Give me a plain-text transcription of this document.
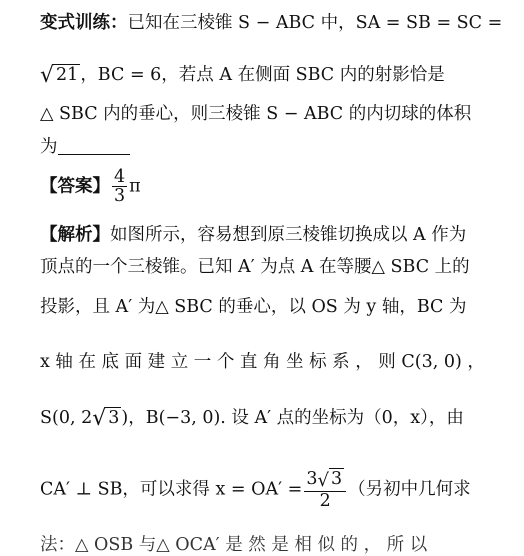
变式训练：已知在三棱锥 S − ABC 中，SA = SB = SC =
√ 21 ，BC = 6，若点 A 在侧面 SBC 内的射影恰是
△ SBC 内的垂心，则三棱锥 S − ABC 的内切球的体积
为
【答案】 $\frac{4}{3}$ π
【解析】如图所示，容易想到原三棱锥切换成以 A 作为
顶点的一个三棱锥。已知 A′ 为点 A 在等腰△ SBC 上的
投影，且 A′ 为△ SBC 的垂心，以 OS 为 y 轴，BC 为
x 轴 在 底 面 建 立 一 个 直 角 坐 标 系 ， 则 C(3, 0) ，
S(0, 2√ 3 )，B(−3, 0). 设 A′ 点的坐标为（0，x），由
CA′ ⊥ SB，可以求得 $x = OA' = \frac{3√ 3}{2}$ （另初中几何求
法：△ OSB 与△ OCA′ 是 然 是 相 似 的 ， 所 以
